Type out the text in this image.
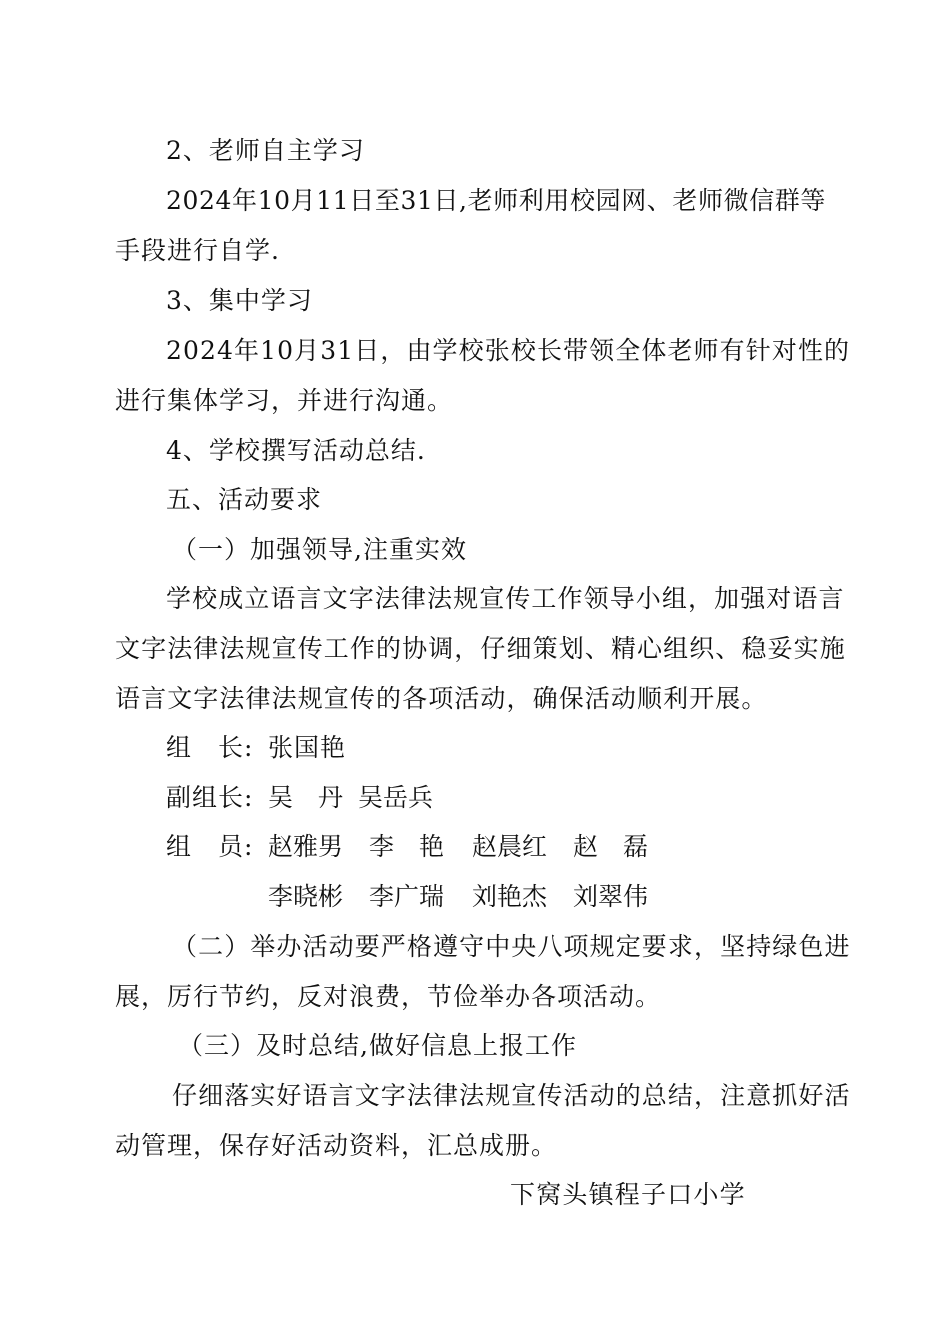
2、老师自主学习
2024年10月11日至31日,老师利用校园网、老师微信群等
手段进行自学.
3、集中学习
2024年10月31日，由学校张校长带领全体老师有针对性的
进行集体学习，并进行沟通。
4、学校撰写活动总结.
五、活动要求
（一）加强领导,注重实效
学校成立语言文字法律法规宣传工作领导小组，加强对语言
文字法律法规宣传工作的协调，仔细策划、精心组织、稳妥实施
语言文字法律法规宣传的各项活动，确保活动顺利开展。
组　长: 张国艳
副组长: 吴　丹 吴岳兵
组　员: 赵雅男 李　艳 赵晨红 赵　磊
李晓彬 李广瑞 刘艳杰 刘翠伟
（二）举办活动要严格遵守中央八项规定要求，坚持绿色进
展，厉行节约，反对浪费，节俭举办各项活动。
（三）及时总结,做好信息上报工作
仔细落实好语言文字法律法规宣传活动的总结，注意抓好活
动管理，保存好活动资料，汇总成册。
下窝头镇程子口小学
